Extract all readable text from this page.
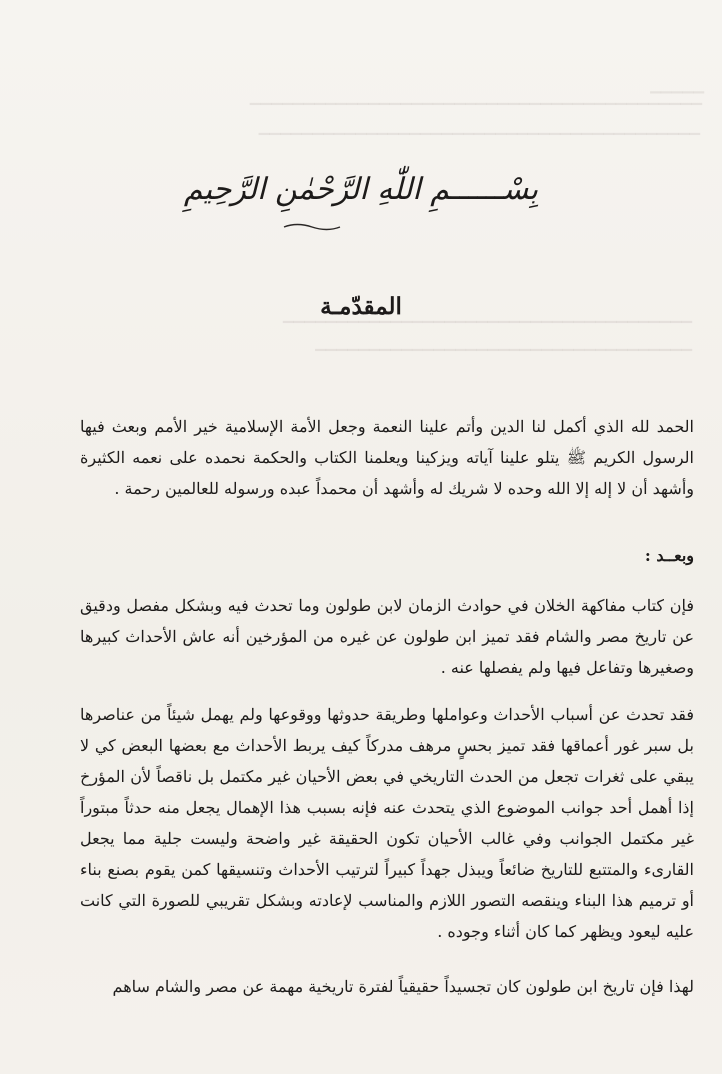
▁▁▁▁▁
▔▔▔▔▔▔▔▔▔▔▔▔▔▔▔▔▔▔▔▔▔▔▔▔▔▔▔▔▔▔▔▔▔▔▔▔▔▔▔▔▔▔
▔▔▔▔▔▔▔▔▔▔▔▔▔▔▔▔▔▔▔▔▔▔▔▔▔▔▔▔▔▔▔▔▔▔▔▔▔▔▔▔▔
▔▔▔▔▔▔▔▔▔▔▔▔▔▔▔▔▔▔▔▔▔▔▔▔▔▔▔▔▔▔▔▔▔▔▔▔▔▔
▔▔▔▔▔▔▔▔▔▔▔▔▔▔▔▔▔▔▔▔▔▔▔▔▔▔▔▔▔▔▔▔▔▔▔
بِسْــــــمِ اللّٰهِ الرَّحْمٰنِ الرَّحِيمِ
المقدّمـة

الحمد لله الذي أكمل لنا الدين وأتم علينا النعمة وجعل الأمة الإسلامية خير الأمم وبعث فيها الرسول الكريم ﷺ يتلو علينا آياته ويزكينا ويعلمنا الكتاب والحكمة نحمده على نعمه الكثيرة وأشهد أن لا إله إلا الله وحده لا شريك له وأشهد أن محمداً عبده ورسوله للعالمين رحمة .

وبعــد :

فإن كتاب مفاكهة الخلان في حوادث الزمان لابن طولون وما تحدث فيه وبشكل مفصل ودقيق عن تاريخ مصر والشام فقد تميز ابن طولون عن غيره من المؤرخين أنه عاش الأحداث كبيرها وصغيرها وتفاعل فيها ولم يفصلها عنه .

فقد تحدث عن أسباب الأحداث وعواملها وطريقة حدوثها ووقوعها ولم يهمل شيئاً من عناصرها بل سبر غور أعماقها فقد تميز بحسٍ مرهف مدركاً كيف يربط الأحداث مع بعضها البعض كي لا يبقي على ثغرات تجعل من الحدث التاريخي في بعض الأحيان غير مكتمل بل ناقصاً لأن المؤرخ إذا أهمل أحد جوانب الموضوع الذي يتحدث عنه فإنه بسبب هذا الإهمال يجعل منه حدثاً مبتوراً غير مكتمل الجوانب وفي غالب الأحيان تكون الحقيقة غير واضحة وليست جلية مما يجعل القارىء والمتتبع للتاريخ ضائعاً ويبذل جهداً كبيراً لترتيب الأحداث وتنسيقها كمن يقوم بصنع بناء أو ترميم هذا البناء وينقصه التصور اللازم والمناسب لإعادته وبشكل تقريبي للصورة التي كانت عليه ليعود ويظهر كما كان أثناء وجوده .

لهذا فإن تاريخ ابن طولون كان تجسيداً حقيقياً لفترة تاريخية مهمة عن مصر والشام ساهم
